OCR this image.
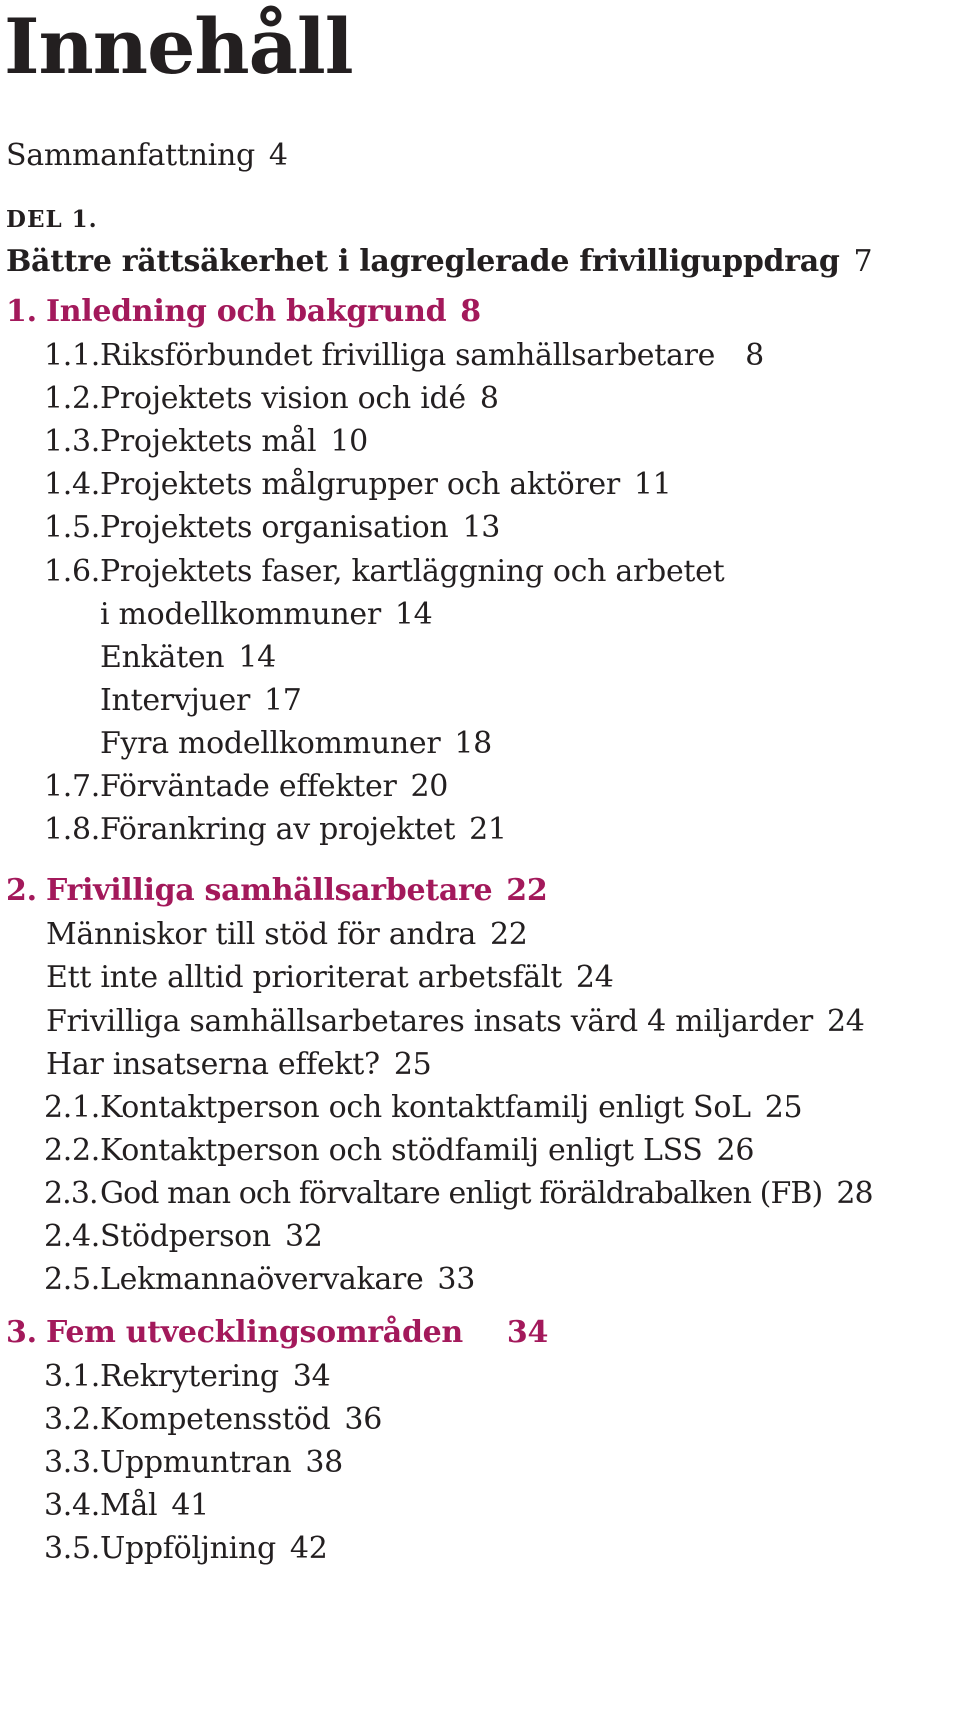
Innehåll
Sammanfattning 4
DEL 1.
Bättre rättsäkerhet i lagreglerade frivilliguppdrag 7
1. Inledning och bakgrund 8
1.1.Riksförbundet frivilliga samhällsarbetare 8
1.2.Projektets vision och idé 8
1.3.Projektets mål 10
1.4.Projektets målgrupper och aktörer 11
1.5.Projektets organisation 13
1.6.Projektets faser, kartläggning och arbetet
i modellkommuner 14
Enkäten 14
Intervjuer 17
Fyra modellkommuner 18
1.7.Förväntade effekter 20
1.8.Förankring av projektet 21
2. Frivilliga samhällsarbetare 22
Människor till stöd för andra 22
Ett inte alltid prioriterat arbetsfält 24
Frivilliga samhällsarbetares insats värd 4 miljarder 24
Har insatserna effekt? 25
2.1.Kontaktperson och kontaktfamilj enligt SoL 25
2.2.Kontaktperson och stödfamilj enligt LSS 26
2.3.God man och förvaltare enligt föräldrabalken (FB) 28
2.4.Stödperson 32
2.5.Lekmannaövervakare 33
3. Fem utvecklingsområden 34
3.1.Rekrytering 34
3.2.Kompetensstöd 36
3.3.Uppmuntran 38
3.4.Mål 41
3.5.Uppföljning 42
